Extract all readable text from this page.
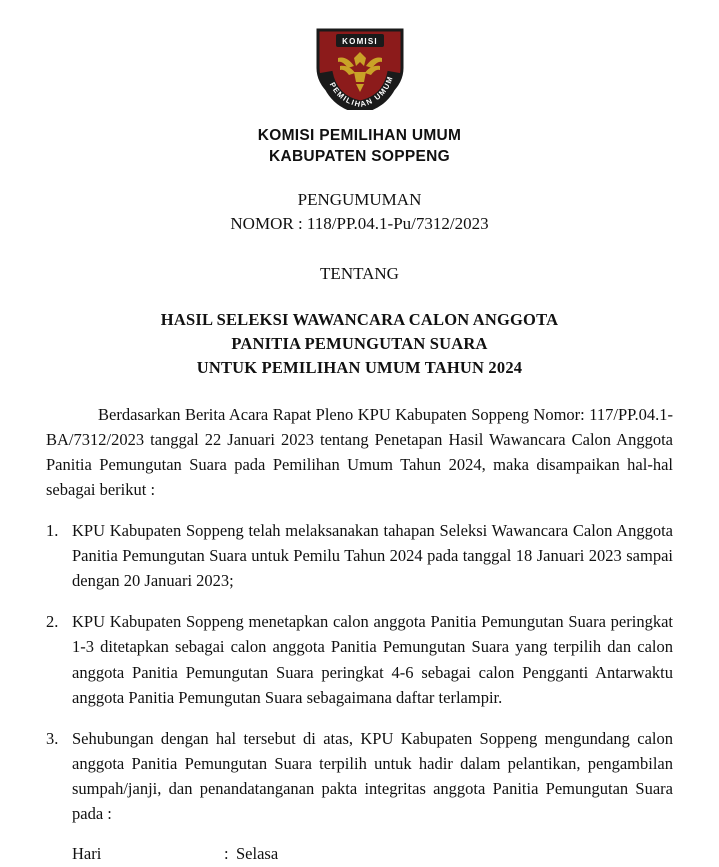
KOMISI
PEMILIHAN UMUM
KOMISI PEMILIHAN UMUM
KABUPATEN SOPPENG
PENGUMUMAN
NOMOR : 118/PP.04.1-Pu/7312/2023
TENTANG
HASIL SELEKSI WAWANCARA CALON ANGGOTA
PANITIA PEMUNGUTAN SUARA
UNTUK PEMILIHAN UMUM TAHUN 2024

Berdasarkan Berita Acara Rapat Pleno KPU Kabupaten Soppeng Nomor: 117/PP.04.1-BA/7312/2023 tanggal 22 Januari 2023 tentang Penetapan Hasil Wawancara Calon Anggota Panitia Pemungutan Suara pada Pemilihan Umum Tahun 2024, maka disampaikan hal-hal sebagai berikut :

1. KPU Kabupaten Soppeng telah melaksanakan tahapan Seleksi Wawancara Calon Anggota Panitia Pemungutan Suara untuk Pemilu Tahun 2024 pada tanggal 18 Januari 2023 sampai dengan 20 Januari 2023;
2. KPU Kabupaten Soppeng menetapkan calon anggota Panitia Pemungutan Suara peringkat 1-3 ditetapkan sebagai calon anggota Panitia Pemungutan Suara yang terpilih dan calon anggota Panitia Pemungutan Suara peringkat 4-6 sebagai calon Pengganti Antarwaktu anggota Panitia Pemungutan Suara sebagaimana daftar terlampir.
3. Sehubungan dengan hal tersebut di atas, KPU Kabupaten Soppeng mengundang calon anggota Panitia Pemungutan Suara terpilih untuk hadir dalam pelantikan, pengambilan sumpah/janji, dan penandatanganan pakta integritas anggota Panitia Pemungutan Suara pada :
Hari	: Selasa
